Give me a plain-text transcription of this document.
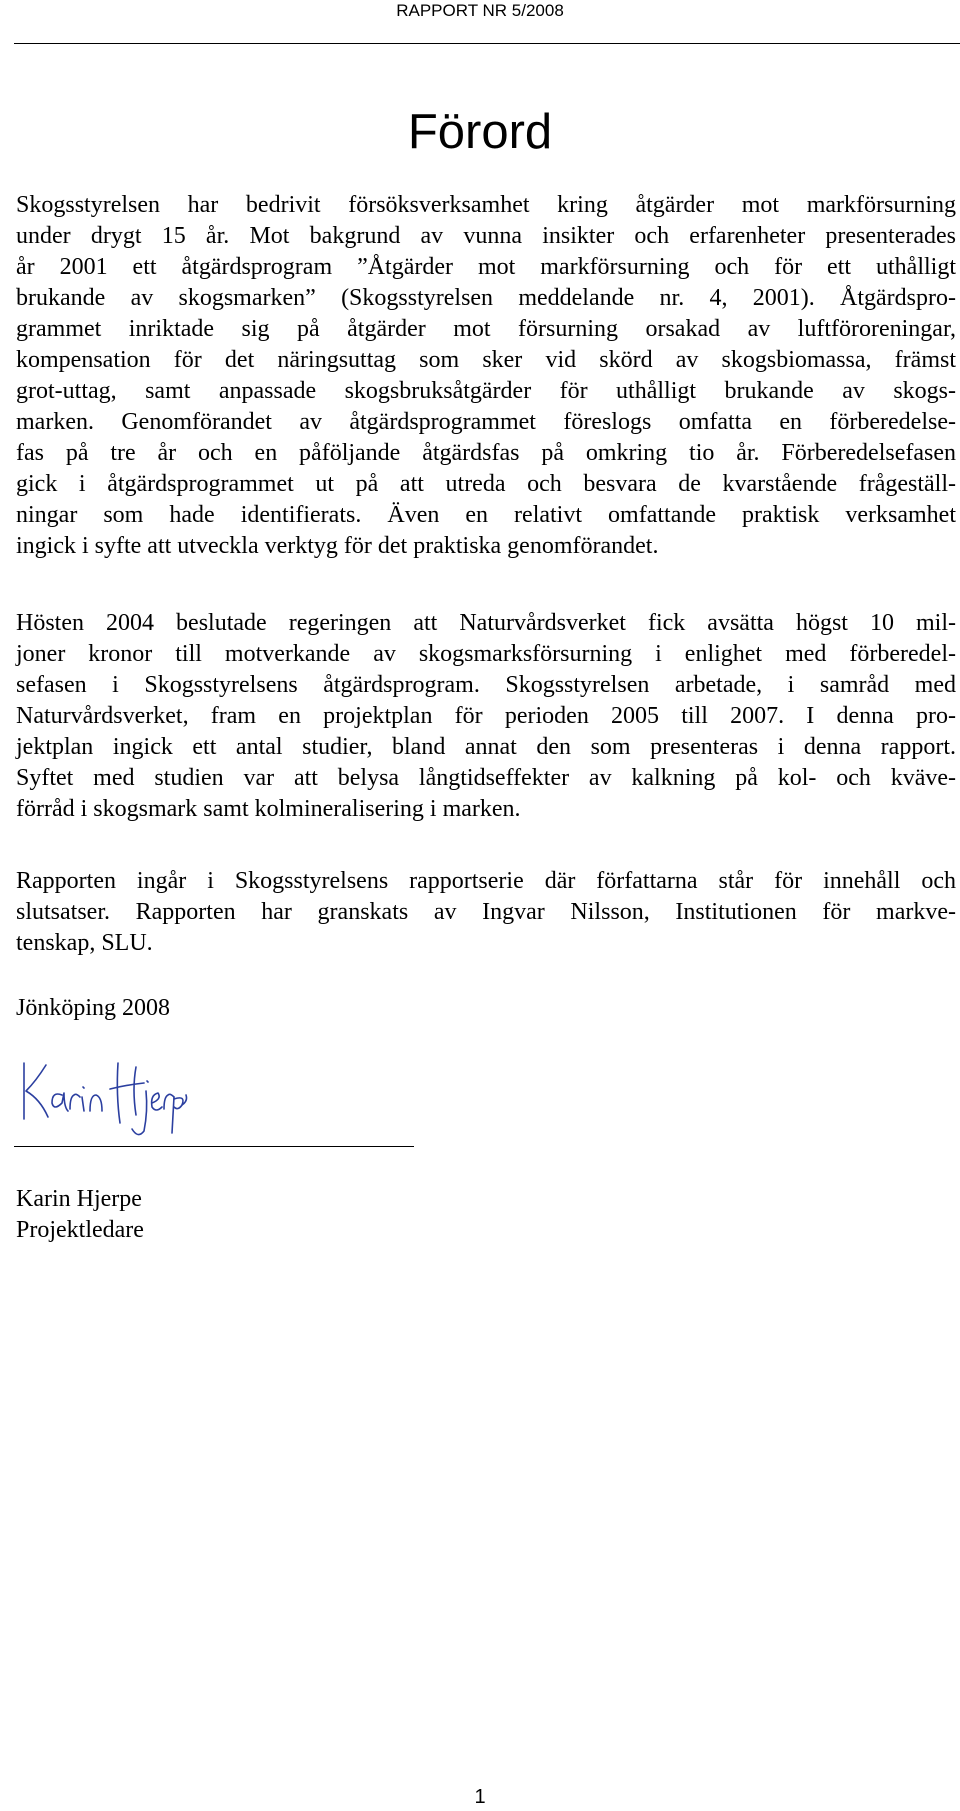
RAPPORT NR 5/2008
Förord

Skogsstyrelsen har bedrivit försöksverksamhet kring åtgärder mot markförsurning
under drygt 15 år. Mot bakgrund av vunna insikter och erfarenheter presenterades
år 2001 ett åtgärdsprogram ”Åtgärder mot markförsurning och för ett uthålligt
brukande av skogsmarken” (Skogsstyrelsen meddelande nr. 4, 2001). Åtgärdspro-
grammet inriktade sig på åtgärder mot försurning orsakad av luftföroreningar,
kompensation för det näringsuttag som sker vid skörd av skogsbiomassa, främst
grot-uttag, samt anpassade skogsbruksåtgärder för uthålligt brukande av skogs-
marken. Genomförandet av åtgärdsprogrammet föreslogs omfatta en förberedelse-
fas på tre år och en påföljande åtgärdsfas på omkring tio år. Förberedelsefasen
gick i åtgärdsprogrammet ut på att utreda och besvara de kvarstående frågeställ-
ningar som hade identifierats. Även en relativt omfattande praktisk verksamhet
ingick i syfte att utveckla verktyg för det praktiska genomförandet.

Hösten 2004 beslutade regeringen att Naturvårdsverket fick avsätta högst 10 mil-
joner kronor till motverkande av skogsmarksförsurning i enlighet med förberedel-
sefasen i Skogsstyrelsens åtgärdsprogram. Skogsstyrelsen arbetade, i samråd med
Naturvårdsverket, fram en projektplan för perioden 2005 till 2007. I denna pro-
jektplan ingick ett antal studier, bland annat den som presenteras i denna rapport.
Syftet med studien var att belysa långtidseffekter av kalkning på kol- och kväve-
förråd i skogsmark samt kolmineralisering i marken.

Rapporten ingår i Skogsstyrelsens rapportserie där författarna står för innehåll och
slutsatser. Rapporten har granskats av Ingvar Nilsson, Institutionen för markve-
tenskap, SLU.

Jönköping 2008
Karin Hjerpe
Projektledare
1
